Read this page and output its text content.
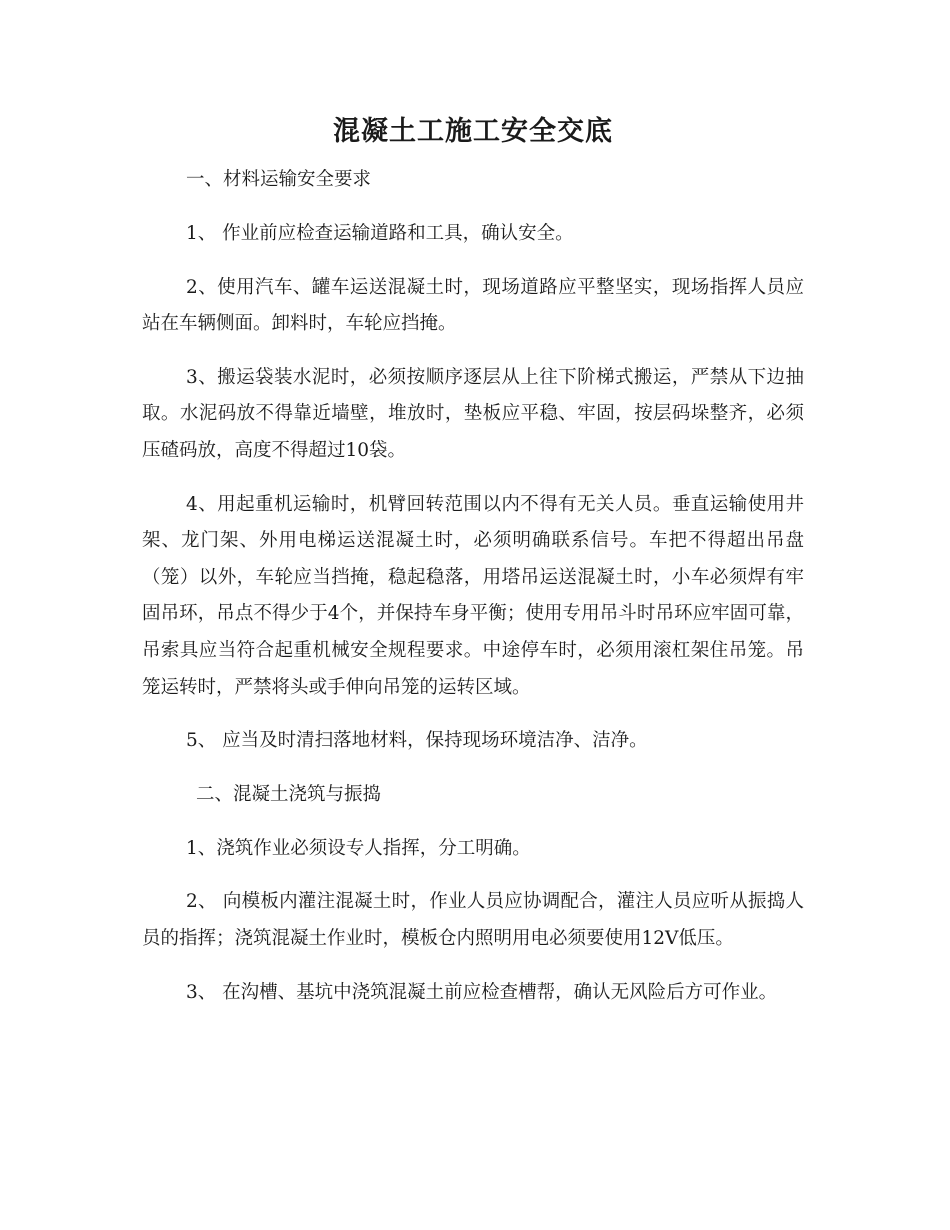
混凝土工施工安全交底
一、材料运输安全要求

1、 作业前应检查运输道路和工具，确认安全。

2、使用汽车、罐车运送混凝土时，现场道路应平整坚实，现场指挥人员应站在车辆侧面。卸料时，车轮应挡掩。

3、搬运袋装水泥时，必须按顺序逐层从上往下阶梯式搬运，严禁从下边抽取。水泥码放不得靠近墙壁，堆放时，垫板应平稳、牢固，按层码垛整齐，必须压碴码放，高度不得超过10袋。

4、用起重机运输时，机臂回转范围以内不得有无关人员。垂直运输使用井架、龙门架、外用电梯运送混凝土时，必须明确联系信号。车把不得超出吊盘（笼）以外，车轮应当挡掩，稳起稳落，用塔吊运送混凝土时，小车必须焊有牢固吊环，吊点不得少于4个，并保持车身平衡；使用专用吊斗时吊环应牢固可靠，吊索具应当符合起重机械安全规程要求。中途停车时，必须用滚杠架住吊笼。吊笼运转时，严禁将头或手伸向吊笼的运转区域。

5、 应当及时清扫落地材料，保持现场环境洁净、洁净。

二、混凝土浇筑与振捣

1、浇筑作业必须设专人指挥，分工明确。

2、 向模板内灌注混凝土时，作业人员应协调配合，灌注人员应听从振捣人员的指挥；浇筑混凝土作业时，模板仓内照明用电必须要使用12V低压。

3、 在沟槽、基坑中浇筑混凝土前应检查槽帮，确认无风险后方可作业。
